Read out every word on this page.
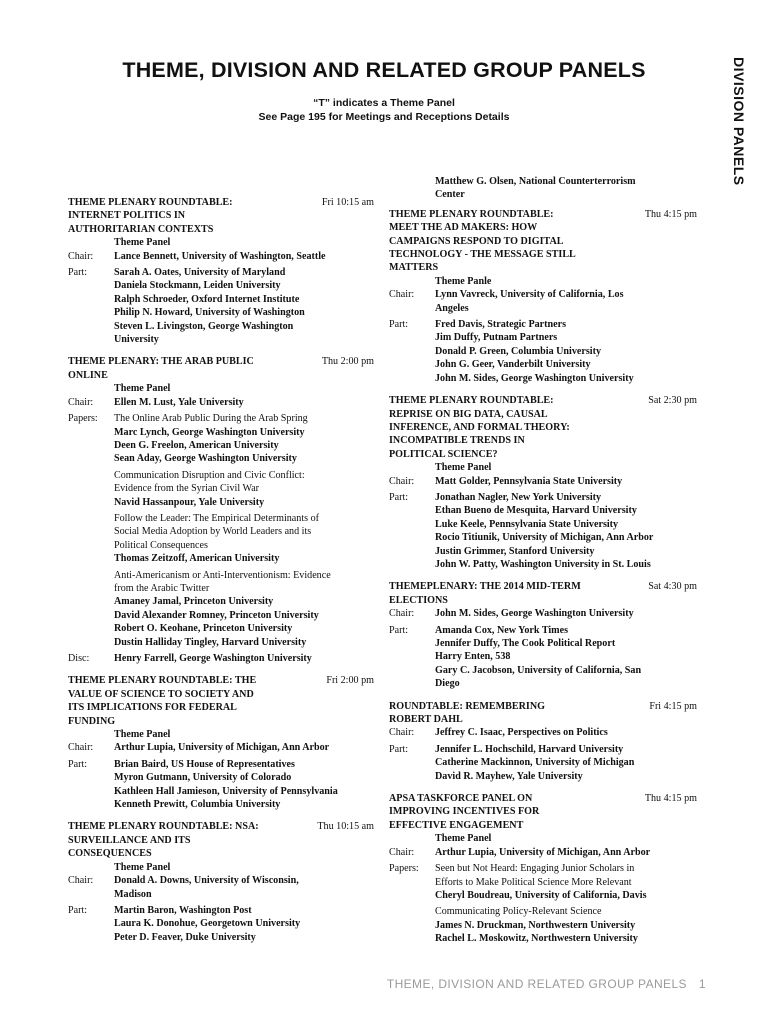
THEME, DIVISION AND RELATED GROUP PANELS
“T” indicates a Theme Panel
See Page 195 for Meetings and Receptions Details	DIVISION PANELS
THEME PLENARY ROUNDTABLE:
INTERNET POLITICS IN
AUTHORITARIAN CONTEXTS
Fri 10:15 am
Theme Panel
Chair:	Lance Bennett, University of Washington, Seattle
Part:	Sarah A. Oates, University of Maryland
Daniela Stockmann, Leiden University
Ralph Schroeder, Oxford Internet Institute
Philip N. Howard, University of Washington
Steven L. Livingston, George Washington
University
THEME PLENARY: THE ARAB PUBLIC
ONLINE
Thu 2:00 pm
Theme Panel
Chair:	Ellen M. Lust, Yale University
Papers:	The Online Arab Public During the Arab Spring
Marc Lynch, George Washington University
Deen G. Freelon, American University
Sean Aday, George Washington University
Communication Disruption and Civic Conflict:
Evidence from the Syrian Civil War
Navid Hassanpour, Yale University
Follow the Leader: The Empirical Determinants of
Social Media Adoption by World Leaders and its
Political Consequences
Thomas Zeitzoff, American University
Anti-Americanism or Anti-Interventionism: Evidence
from the Arabic Twitter
Amaney Jamal, Princeton University
David Alexander Romney, Princeton University
Robert O. Keohane, Princeton University
Dustin Halliday Tingley, Harvard University
Disc:	Henry Farrell, George Washington University
THEME PLENARY ROUNDTABLE: THE
VALUE OF SCIENCE TO SOCIETY AND
ITS IMPLICATIONS FOR FEDERAL
FUNDING
Fri 2:00 pm
Theme Panel
Chair:	Arthur Lupia, University of Michigan, Ann Arbor
Part:	Brian Baird, US House of Representatives
Myron Gutmann, University of Colorado
Kathleen Hall Jamieson, University of Pennsylvania
Kenneth Prewitt, Columbia University
THEME PLENARY ROUNDTABLE: NSA:
SURVEILLANCE AND ITS
CONSEQUENCES
Thu 10:15 am
Theme Panel
Chair:	Donald A. Downs, University of Wisconsin,
Madison
Part:	Martin Baron, Washington Post
Laura K. Donohue, Georgetown University
Peter D. Feaver, Duke University
Matthew G. Olsen, National Counterterrorism
Center
THEME PLENARY ROUNDTABLE:
MEET THE AD MAKERS: HOW
CAMPAIGNS RESPOND TO DIGITAL
TECHNOLOGY - THE MESSAGE STILL
MATTERS
Thu 4:15 pm
Theme Panle
Chair:	Lynn Vavreck, University of California, Los
Angeles
Part:	Fred Davis, Strategic Partners
Jim Duffy, Putnam Partners
Donald P. Green, Columbia University
John G. Geer, Vanderbilt University
John M. Sides, George Washington University
THEME PLENARY ROUNDTABLE:
REPRISE ON BIG DATA, CAUSAL
INFERENCE, AND FORMAL THEORY:
INCOMPATIBLE TRENDS IN
POLITICAL SCIENCE?
Sat 2:30 pm
Theme Panel
Chair:	Matt Golder, Pennsylvania State University
Part:	Jonathan Nagler, New York University
Ethan Bueno de Mesquita, Harvard University
Luke Keele, Pennsylvania State University
Rocio Titiunik, University of Michigan, Ann Arbor
Justin Grimmer, Stanford University
John W. Patty, Washington University in St. Louis
THEMEPLENARY: THE 2014 MID-TERM
ELECTIONS
Sat 4:30 pm
Chair:	John M. Sides, George Washington University
Part:	Amanda Cox, New York Times
Jennifer Duffy, The Cook Political Report
Harry Enten, 538
Gary C. Jacobson, University of California, San
Diego
ROUNDTABLE: REMEMBERING
ROBERT DAHL
Fri 4:15 pm
Chair:	Jeffrey C. Isaac, Perspectives on Politics
Part:	Jennifer L. Hochschild, Harvard University
Catherine Mackinnon, University of Michigan
David R. Mayhew, Yale University
APSA TASKFORCE PANEL ON
IMPROVING INCENTIVES FOR
EFFECTIVE ENGAGEMENT
Thu 4:15 pm
Theme Panel
Chair:	Arthur Lupia, University of Michigan, Ann Arbor
Papers:	Seen but Not Heard: Engaging Junior Scholars in
Efforts to Make Political Science More Relevant
Cheryl Boudreau, University of California, Davis
Communicating Policy-Relevant Science
James N. Druckman, Northwestern University
Rachel L. Moskowitz, Northwestern University
THEME, DIVISION AND RELATED GROUP PANELS 1
